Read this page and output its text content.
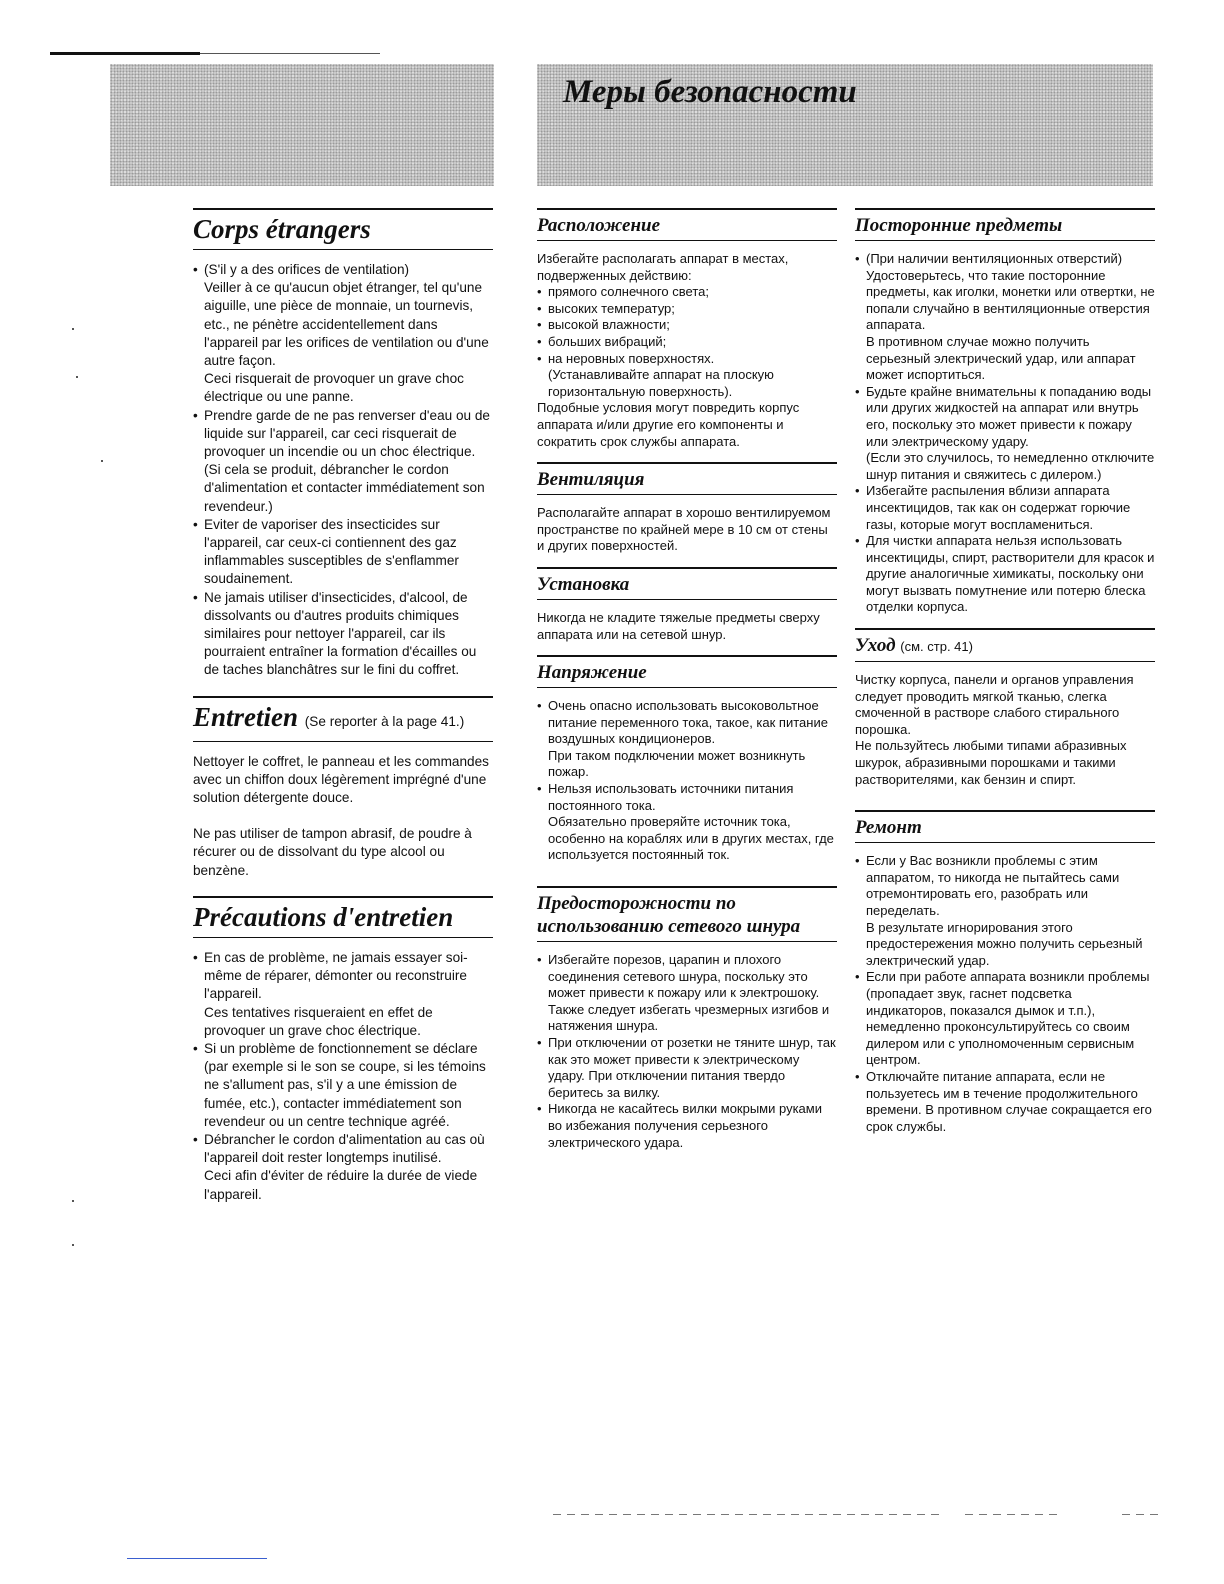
Меры безопасности
Corps étrangers

• (S'il y a des orifices de ventilation)

Veiller à ce qu'aucun objet étranger, tel qu'une aiguille, une pièce de monnaie, un tournevis, etc., ne pénètre accidentellement dans l'appareil par les orifices de ventilation ou d'une autre façon.

Ceci risquerait de provoquer un grave choc électrique ou une panne.

• Prendre garde de ne pas renverser d'eau ou de liquide sur l'appareil, car ceci risquerait de provoquer un incendie ou un choc électrique. (Si cela se produit, débrancher le cordon d'alimentation et contacter immédiatement son revendeur.)

• Eviter de vaporiser des insecticides sur l'appareil, car ceux-ci contiennent des gaz inflammables susceptibles de s'enflammer soudainement.

• Ne jamais utiliser d'insecticides, d'alcool, de dissolvants ou d'autres produits chimiques similaires pour nettoyer l'appareil, car ils pourraient entraîner la formation d'écailles ou de taches blanchâtres sur le fini du coffret.

Entretien (Se reporter à la page 41.)

Nettoyer le coffret, le panneau et les commandes avec un chiffon doux légèrement imprégné d'une solution détergente douce.

Ne pas utiliser de tampon abrasif, de poudre à récurer ou de dissolvant du type alcool ou benzène.

Précautions d'entretien

• En cas de problème, ne jamais essayer soi-même de réparer, démonter ou reconstruire l'appareil.

Ces tentatives risqueraient en effet de provoquer un grave choc électrique.

• Si un problème de fonctionnement se déclare (par exemple si le son se coupe, si les témoins ne s'allument pas, s'il y a une émission de fumée, etc.), contacter immédiatement son revendeur ou un centre technique agréé.

• Débrancher le cordon d'alimentation au cas où l'appareil doit rester longtemps inutilisé.

Ceci afin d'éviter de réduire la durée de viede l'appareil.

Расположение

Избегайте располагать аппарат в местах, подверженных действию:

• прямого солнечного света;
• высоких температур;
• высокой влажности;
• больших вибраций;

• на неровных поверхностях.

(Устанавливайте аппарат на плоскую горизонтальную поверхность).

Подобные условия могут повредить корпус аппарата и/или другие его компоненты и сократить срок службы аппарата.

Вентиляция

Располагайте аппарат в хорошо вентилируемом пространстве по крайней мере в 10 см от стены и других поверхностей.

Установка

Никогда не кладите тяжелые предметы сверху аппарата или на сетевой шнур.

Напряжение

• Очень опасно использовать высоковольтное питание переменного тока, такое, как питание воздушных кондиционеров.

При таком подключении может возникнуть пожар.

• Нельзя использовать источники питания постоянного тока.

Обязательно проверяйте источник тока, особенно на кораблях или в других местах, где используется постоянный ток.

Предосторожности по использованию сетевого шнура

• Избегайте порезов, царапин и плохого соединения сетевого шнура, поскольку это может привести к пожару или к электрошоку.

Также следует избегать чрезмерных изгибов и натяжения шнура.

• При отключении от розетки не тяните шнур, так как это может привести к электрическому удару. При отключении питания твердо беритесь за вилку.

• Никогда не касайтесь вилки мокрыми руками во избежания получения серьезного электрического удара.

Посторонние предметы

• (При наличии вентиляционных отверстий)

Удостоверьтесь, что такие посторонние предметы, как иголки, монетки или отвертки, не попали случайно в вентиляционные отверстия аппарата.

В противном случае можно получить серьезный электрический удар, или аппарат может испортиться.

• Будьте крайне внимательны к попаданию воды или других жидкостей на аппарат или внутрь его, поскольку это может привести к пожару или электрическому удару.

(Если это случилось, то немедленно отключите шнур питания и свяжитесь с дилером.)

• Избегайте распыления вблизи аппарата инсектицидов, так как он содержат горючие газы, которые могут воспламениться.

• Для чистки аппарата нельзя использовать инсектициды, спирт, растворители для красок и другие аналогичные химикаты, поскольку они могут вызвать помутнение или потерю блеска отделки корпуса.

Уход (см. стр. 41)

Чистку корпуса, панели и органов управления следует проводить мягкой тканью, слегка смоченной в растворе слабого стирального порошка.

Не пользуйтесь любыми типами абразивных шкурок, абразивными порошками и такими растворителями, как бензин и спирт.

Ремонт

• Если у Вас возникли проблемы с этим аппаратом, то никогда не пытайтесь сами отремонтировать его, разобрать или переделать.

В результате игнорирования этого предостережения можно получить серьезный электрический удар.

• Если при работе аппарата возникли проблемы (пропадает звук, гаснет подсветка индикаторов, показался дымок и т.п.), немедленно проконсультируйтесь со своим дилером или с уполномоченным сервисным центром.

• Отключайте питание аппарата, если не пользуетесь им в течение продолжительного времени. В противном случае сокращается его срок службы.
